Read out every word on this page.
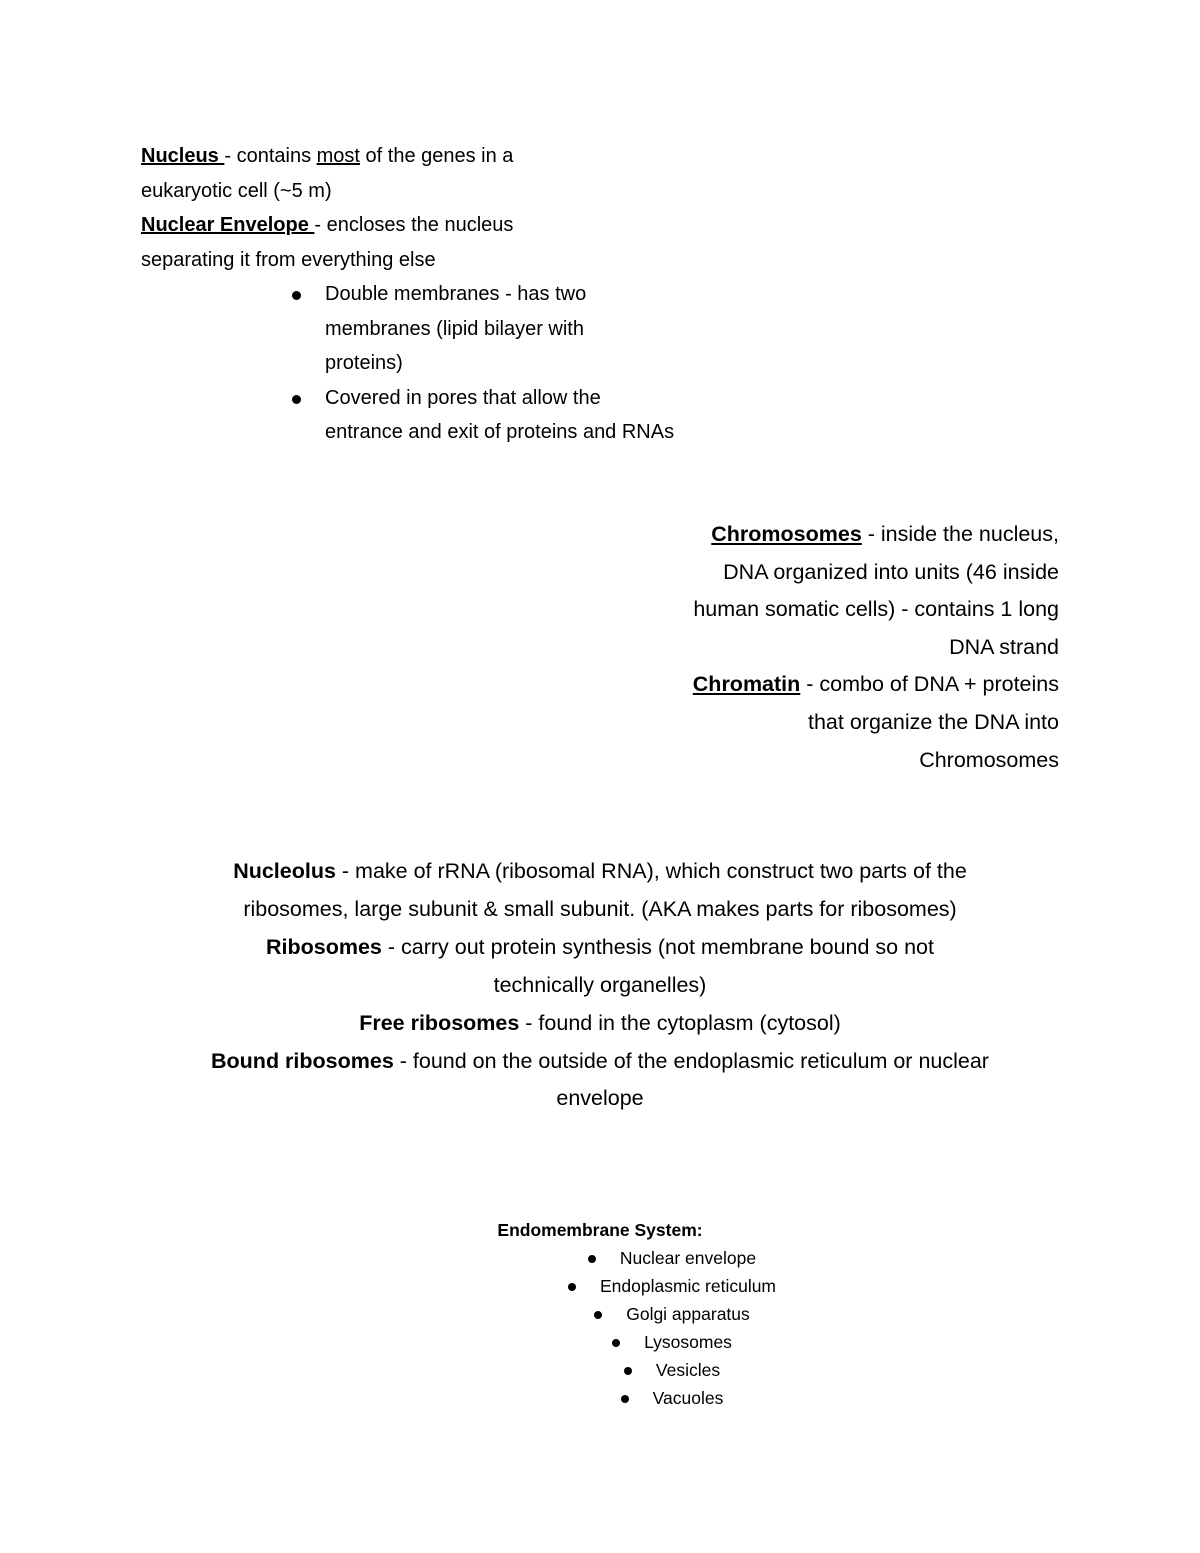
Nucleus - contains most of the genes in a
eukaryotic cell (~5 m)
Nuclear Envelope - encloses the nucleus
separating it from everything else
Double membranes - has two
membranes (lipid bilayer with
proteins)
Covered in pores that allow the
entrance and exit of proteins and RNAs
Chromosomes - inside the nucleus,
DNA organized into units (46 inside
human somatic cells) - contains 1 long
DNA strand
Chromatin - combo of DNA + proteins
that organize the DNA into
Chromosomes
Nucleolus - make of rRNA (ribosomal RNA), which construct two parts of the
ribosomes, large subunit & small subunit. (AKA makes parts for ribosomes)
Ribosomes - carry out protein synthesis (not membrane bound so not
technically organelles)
Free ribosomes - found in the cytoplasm (cytosol)
Bound ribosomes - found on the outside of the endoplasmic reticulum or nuclear
envelope
Endomembrane System:
Nuclear envelope
Endoplasmic reticulum
Golgi apparatus
Lysosomes
Vesicles
Vacuoles
